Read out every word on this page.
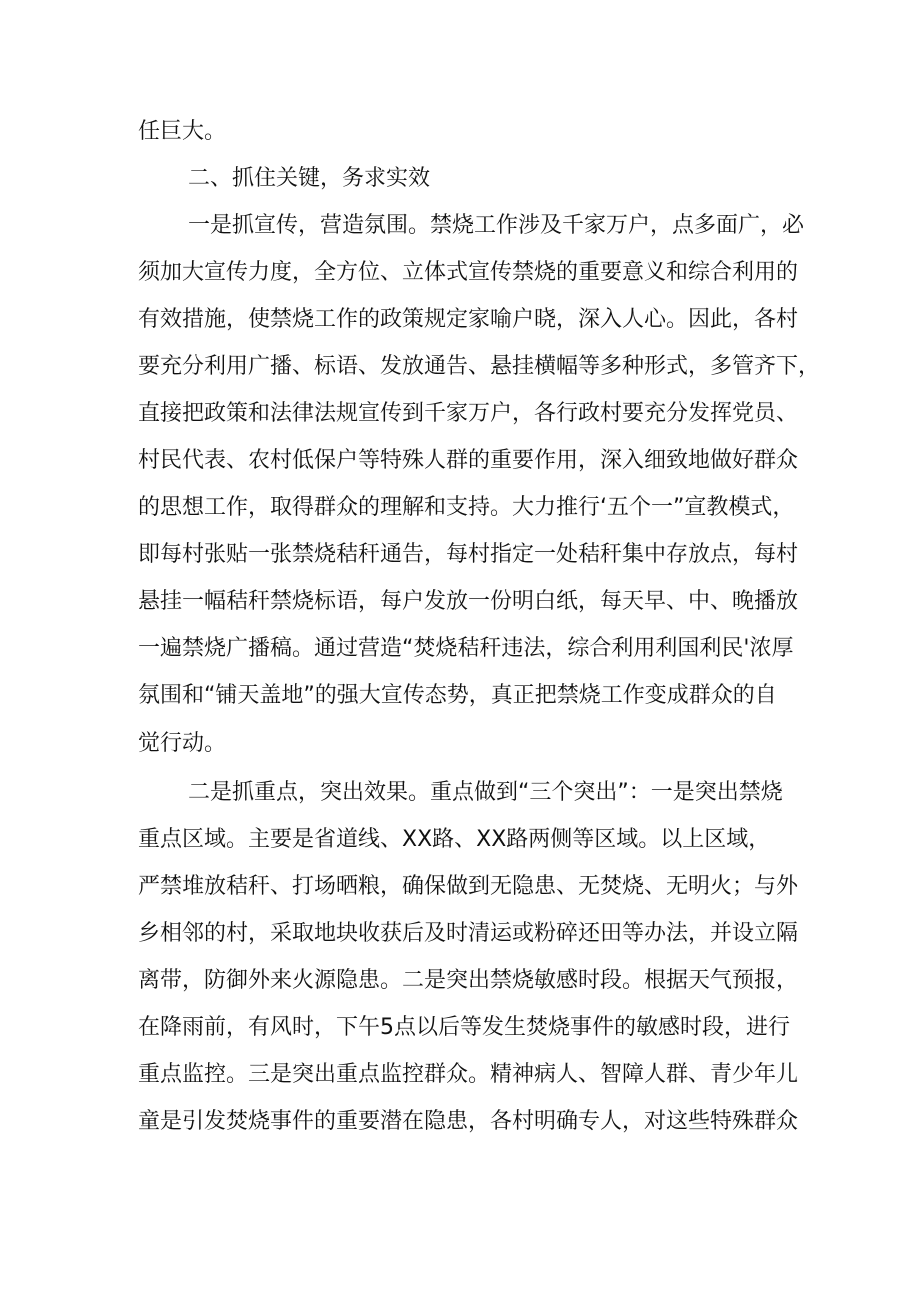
任巨大。
二、抓住关键，务求实效
一是抓宣传，营造氛围。禁烧工作涉及千家万户，点多面广，必
须加大宣传力度，全方位、立体式宣传禁烧的重要意义和综合利用的
有效措施，使禁烧工作的政策规定家喻户晓，深入人心。因此，各村
要充分利用广播、标语、发放通告、悬挂横幅等多种形式，多管齐下，
直接把政策和法律法规宣传到千家万户，各行政村要充分发挥党员、
村民代表、农村低保户等特殊人群的重要作用，深入细致地做好群众
的思想工作，取得群众的理解和支持。大力推行‘五个一”宣教模式，
即每村张贴一张禁烧秸秆通告，每村指定一处秸秆集中存放点，每村
悬挂一幅秸秆禁烧标语，每户发放一份明白纸，每天早、中、晚播放
一遍禁烧广播稿。通过营造“焚烧秸秆违法，综合利用利国利民'浓厚
氛围和“铺天盖地”的强大宣传态势，真正把禁烧工作变成群众的自
觉行动。
二是抓重点，突出效果。重点做到“三个突出”：一是突出禁烧
重点区域。主要是省道线、XX路、XX路两侧等区域。以上区域，
严禁堆放秸秆、打场晒粮，确保做到无隐患、无焚烧、无明火；与外
乡相邻的村，采取地块收获后及时清运或粉碎还田等办法，并设立隔
离带，防御外来火源隐患。二是突出禁烧敏感时段。根据天气预报，
在降雨前，有风时，下午5点以后等发生焚烧事件的敏感时段，进行
重点监控。三是突出重点监控群众。精神病人、智障人群、青少年儿
童是引发焚烧事件的重要潜在隐患，各村明确专人，对这些特殊群众
